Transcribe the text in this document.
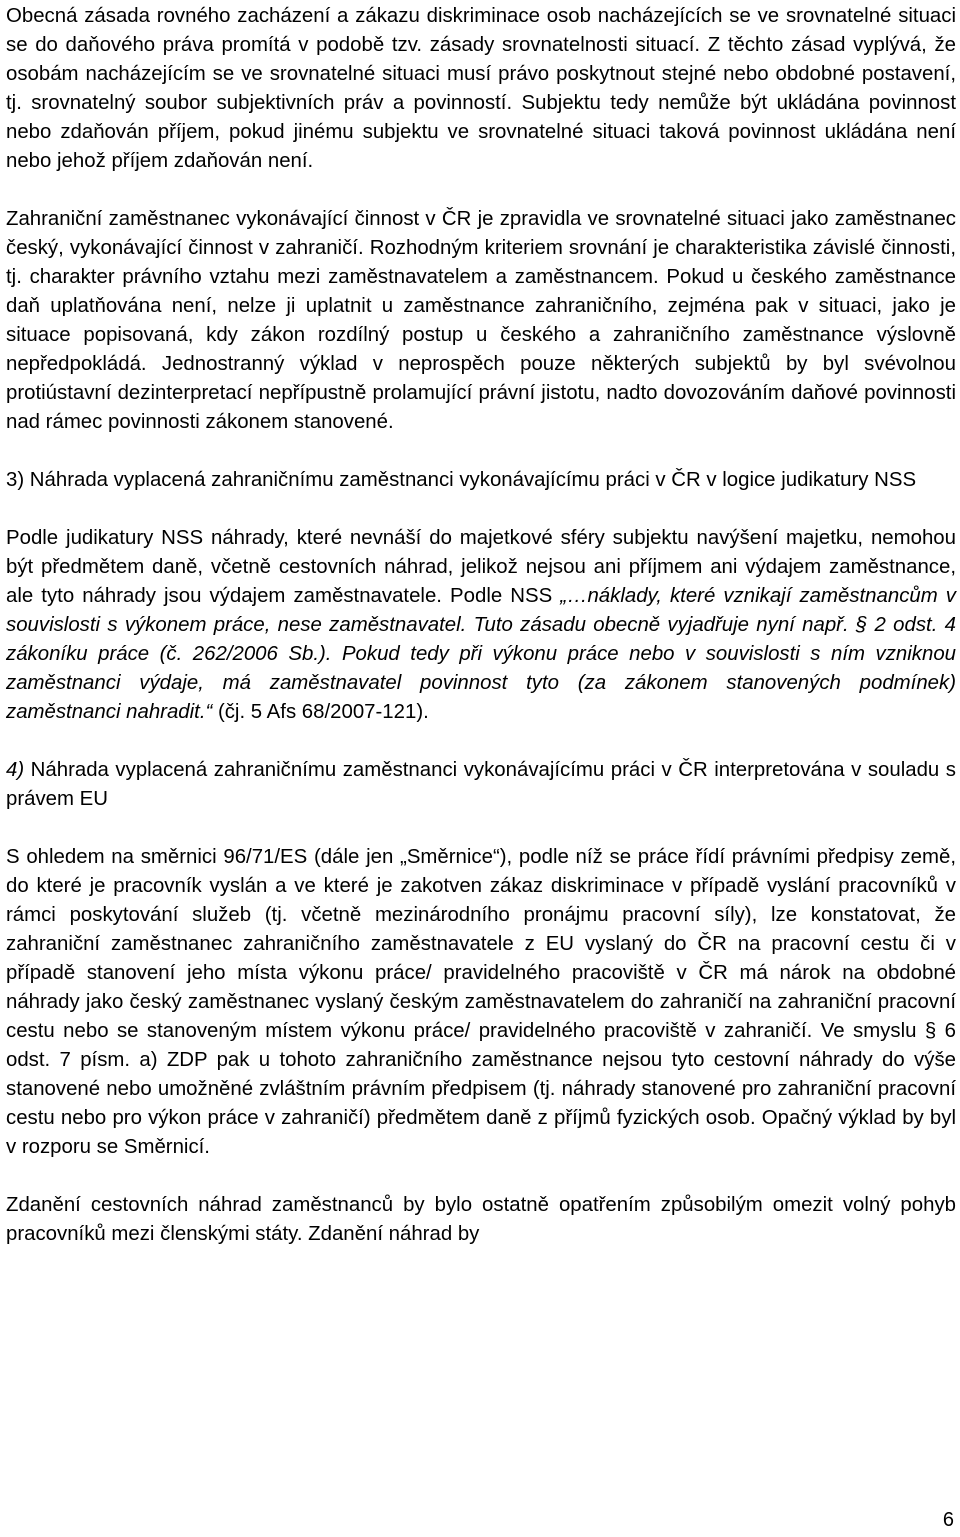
Obecná zásada rovného zacházení a zákazu diskriminace osob nacházejících se ve srovnatelné situaci se do daňového práva promítá v podobě tzv. zásady srovnatelnosti situací. Z těchto zásad vyplývá, že osobám nacházejícím se ve srovnatelné situaci musí právo poskytnout stejné nebo obdobné postavení, tj. srovnatelný soubor subjektivních práv a povinností. Subjektu tedy nemůže být ukládána povinnost nebo zdaňován příjem, pokud jinému subjektu ve srovnatelné situaci taková povinnost ukládána není nebo jehož příjem zdaňován není.

Zahraniční zaměstnanec vykonávající činnost v ČR je zpravidla ve srovnatelné situaci jako zaměstnanec český, vykonávající činnost v zahraničí. Rozhodným kriteriem srovnání je charakteristika závislé činnosti, tj. charakter právního vztahu mezi zaměstnavatelem a zaměstnancem. Pokud u českého zaměstnance daň uplatňována není, nelze ji uplatnit u zaměstnance zahraničního, zejména pak v situaci, jako je situace popisovaná, kdy zákon rozdílný postup u českého a zahraničního zaměstnance výslovně nepředpokládá. Jednostranný výklad v neprospěch pouze některých subjektů by byl svévolnou protiústavní dezinterpretací nepřípustně prolamující právní jistotu, nadto dovozováním daňové povinnosti nad rámec povinnosti zákonem stanovené.

3) Náhrada vyplacená zahraničnímu zaměstnanci vykonávajícímu práci v ČR v logice judikatury NSS

Podle judikatury NSS náhrady, které nevnáší do majetkové sféry subjektu navýšení majetku, nemohou být předmětem daně, včetně cestovních náhrad, jelikož nejsou ani příjmem ani výdajem zaměstnance, ale tyto náhrady jsou výdajem zaměstnavatele. Podle NSS „…náklady, které vznikají zaměstnancům v souvislosti s výkonem práce, nese zaměstnavatel. Tuto zásadu obecně vyjadřuje nyní např. § 2 odst. 4 zákoníku práce (č. 262/2006 Sb.). Pokud tedy při výkonu práce nebo v souvislosti s ním vzniknou zaměstnanci výdaje, má zaměstnavatel povinnost tyto (za zákonem stanovených podmínek) zaměstnanci nahradit.“ (čj. 5 Afs 68/2007-121).

4) Náhrada vyplacená zahraničnímu zaměstnanci vykonávajícímu práci v ČR interpretována v souladu s právem EU

S ohledem na směrnici 96/71/ES (dále jen „Směrnice“), podle níž se práce řídí právními předpisy země, do které je pracovník vyslán a ve které je zakotven zákaz diskriminace v případě vyslání pracovníků v rámci poskytování služeb (tj. včetně mezinárodního pronájmu pracovní síly), lze konstatovat, že zahraniční zaměstnanec zahraničního zaměstnavatele z EU vyslaný do ČR na pracovní cestu či v případě stanovení jeho místa výkonu práce/ pravidelného pracoviště v ČR má nárok na obdobné náhrady jako český zaměstnanec vyslaný českým zaměstnavatelem do zahraničí na zahraniční pracovní cestu nebo se stanoveným místem výkonu práce/ pravidelného pracoviště v zahraničí. Ve smyslu § 6 odst. 7 písm. a) ZDP pak u tohoto zahraničního zaměstnance nejsou tyto cestovní náhrady do výše stanovené nebo umožněné zvláštním právním předpisem (tj. náhrady stanovené pro zahraniční pracovní cestu nebo pro výkon práce v zahraničí) předmětem daně z příjmů fyzických osob. Opačný výklad by byl v rozporu se Směrnicí.

Zdanění cestovních náhrad zaměstnanců by bylo ostatně opatřením způsobilým omezit volný pohyb pracovníků mezi členskými státy. Zdanění náhrad by

6
